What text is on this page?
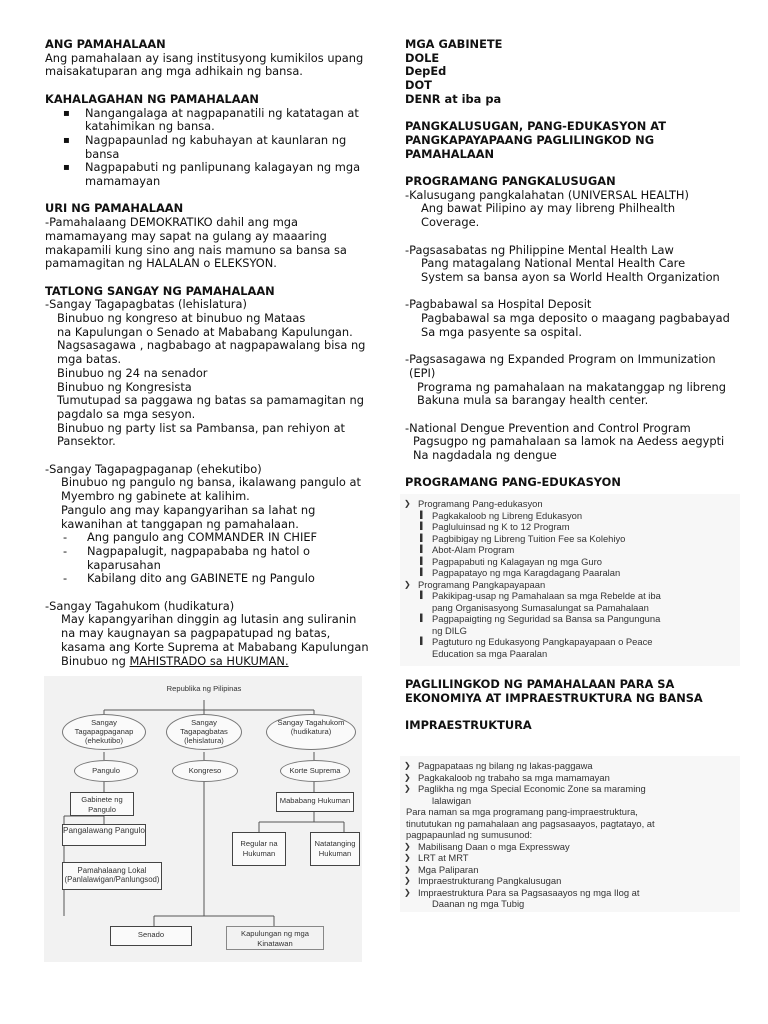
ANG PAMAHALAAN
Ang pamahalaan ay isang institusyong kumikilos upang
maisakatuparan ang mga adhikain ng bansa.
KAHALAGAHAN NG PAMAHALAAN
▪ Nangangalaga at nagpapanatili ng katatagan at
katahimikan ng bansa.
▪ Nagpapaunlad ng kabuhayan at kaunlaran ng
bansa
▪ Nagpapabuti ng panlipunang kalagayan ng mga
mamamayan
URI NG PAMAHALAAN
-Pamahalaang DEMOKRATIKO dahil ang mga
mamamayang may sapat na gulang ay maaaring
makapamili kung sino ang nais mamuno sa bansa sa
pamamagitan ng HALALAN o ELEKSYON.
TATLONG SANGAY NG PAMAHALAAN
-Sangay Tagapagbatas (lehislatura)
Binubuo ng kongreso at binubuo ng Mataas
na Kapulungan o Senado at Mababang Kapulungan.
Nagsasagawa , nagbabago at nagpapawalang bisa ng
mga batas.
Binubuo ng 24 na senador
Binubuo ng Kongresista
Tumutupad sa paggawa ng batas sa pamamagitan ng
pagdalo sa mga sesyon.
Binubuo ng party list sa Pambansa, pan rehiyon at
Pansektor.
-Sangay Tagapagpaganap (ehekutibo)
Binubuo ng pangulo ng bansa, ikalawang pangulo at
Myembro ng gabinete at kalihim.
Pangulo ang may kapangyarihan sa lahat ng
kawanihan at tanggapan ng pamahalaan.
- Ang pangulo ang COMMANDER IN CHIEF
- Nagpapalugit, nagpapababa ng hatol o
kaparusahan
- Kabilang dito ang GABINETE ng Pangulo
-Sangay Tagahukom (hudikatura)
May kapangyarihan dinggin ag lutasin ang suliranin
na may kaugnayan sa pagpapatupad ng batas,
kasama ang Korte Suprema at Mababang Kapulungan
Binubuo ng MAHISTRADO sa HUKUMAN.
Republika ng Pilipinas
Sangay Tagapagpaganap (ehekutibo)
Sangay Tagapagbatas (lehislatura)
Sangay Tagahukom (hudikatura)
Pangulo	Kongreso	Korte Suprema
Gabinete ng Pangulo
Mababang Hukuman
Pangalawang Pangulo
Pamahalaang Lokal (Panlalawigan/Panlungsod)
Regular na Hukuman
Natatanging Hukuman
Senado	Kapulungan ng mga Kinatawan
MGA GABINETE
DOLE
DepEd
DOT
DENR at iba pa
PANGKALUSUGAN, PANG-EDUKASYON AT
PANGKAPAYAPAANG PAGLILINGKOD NG
PAMAHALAAN
PROGRAMANG PANGKALUSUGAN
-Kalusugang pangkalahatan (UNIVERSAL HEALTH)
Ang bawat Pilipino ay may libreng Philhealth
Coverage.
-Pagsasabatas ng Philippine Mental Health Law
Pang matagalang National Mental Health Care
System sa bansa ayon sa World Health Organization
-Pagbabawal sa Hospital Deposit
Pagbabawal sa mga deposito o maagang pagbabayad
Sa mga pasyente sa ospital.
-Pagsasagawa ng Expanded Program on Immunization
(EPI)
Programa ng pamahalaan na makatanggap ng libreng
Bakuna mula sa barangay health center.
-National Dengue Prevention and Control Program
Pagsugpo ng pamahalaan sa lamok na Aedess aegypti
Na nagdadala ng dengue
PROGRAMANG PANG-EDUKASYON
❯ Programang Pang-edukasyon
▌ Pagkakaloob ng Libreng Edukasyon
▌ Pagluluinsad ng K to 12 Program
▌ Pagbibigay ng Libreng Tuition Fee sa Kolehiyo
▌ Abot-Alam Program
▌ Pagpapabuti ng Kalagayan ng mga Guro
▌ Pagpapatayo ng mga Karagdagang Paaralan
❯ Programang Pangkapayapaan
▌ Pakikipag-usap ng Pamahalaan sa mga Rebelde at iba
pang Organisasyong Sumasalungat sa Pamahalaan
▌ Pagpapaigting ng Seguridad sa Bansa sa Pangunguna
ng DILG
▌ Pagtuturo ng Edukasyong Pangkapayapaan o Peace
Education sa mga Paaralan
PAGLILINGKOD NG PAMAHALAAN PARA SA
EKONOMIYA AT IMPRAESTRUKTURA NG BANSA
IMPRAESTRUKTURA
❯ Pagpapataas ng bilang ng lakas-paggawa
❯ Pagkakaloob ng trabaho sa mga mamamayan
❯ Paglikha ng mga Special Economic Zone sa maraming
lalawigan
Para naman sa mga programang pang-impraestruktura,
tinututukan ng pamahalaan ang pagsasaayos, pagtatayo, at
pagpapaunlad ng sumusunod:
❯ Mabilisang Daan o mga Expressway
❯ LRT at MRT
❯ Mga Paliparan
❯ Impraestrukturang Pangkalusugan
❯ Impraestruktura Para sa Pagsasaayos ng mga Ilog at
Daanan ng mga Tubig
